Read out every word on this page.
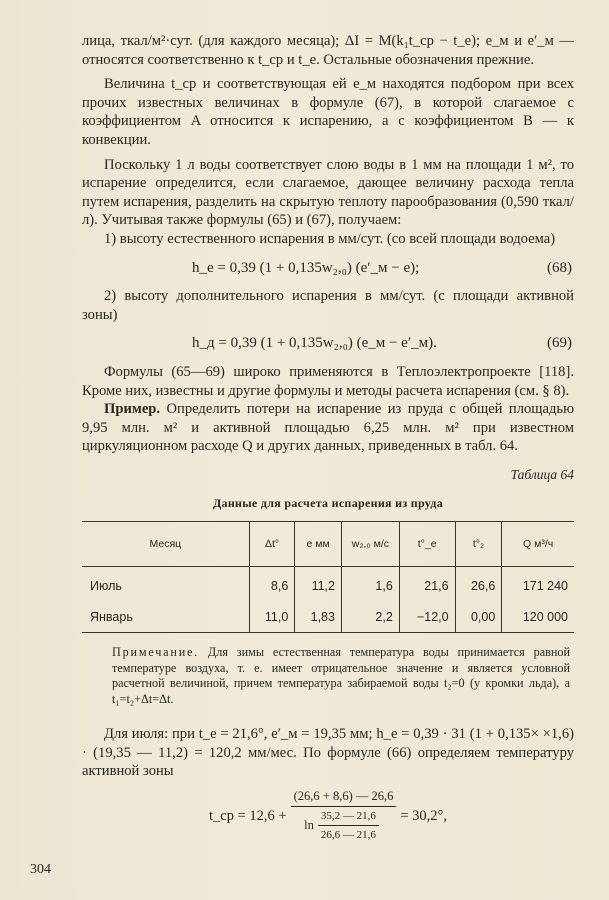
лица, ткал/м²·сут. (для каждого месяца); ΔI = M(k₁t_ср − t_e); e_м и e′_м — относятся соответственно к t_ср и t_e. Остальные обозначения прежние.

Величина t_ср и соответствующая ей e_м находятся подбором при всех прочих известных величинах в формуле (67), в которой слагаемое с коэффициентом A относится к испарению, а с коэффициентом B — к конвекции.

Поскольку 1 л воды соответствует слою воды в 1 мм на площади 1 м², то испарение определится, если слагаемое, дающее величину расхода тепла путем испарения, разделить на скрытую теплоту парообразования (0,590 ткал/л). Учитывая также формулы (65) и (67), получаем:

1) высоту естественного испарения в мм/сут. (со всей площади водоема)

h_e = 0,39 (1 + 0,135w₂,₀) (e′_м − e);	(68)

2) высоту дополнительного испарения в мм/сут. (с площади активной зоны)

h_д = 0,39 (1 + 0,135w₂,₀) (e_м − e′_м).	(69)

Формулы (65—69) широко применяются в Теплоэлектропроекте [118]. Кроме них, известны и другие формулы и методы расчета испарения (см. § 8).

Пример. Определить потери на испарение из пруда с общей площадью 9,95 млн. м² и активной площадью 6,25 млн. м² при известном циркуляционном расходе Q и других данных, приведенных в табл. 64.

Таблица 64
Данные для расчета испарения из пруда
Месяц	Δt°	e мм	w₂,₀ м/с	t°_e	t°₂	Q м³/ч
Июль	8,6	11,2	1,6	21,6	26,6	171 240
Январь	11,0	1,83	2,2	−12,0	0,00	120 000

Примечание. Для зимы естественная температура воды принимается равной температуре воздуха, т. е. имеет отрицательное значение и является условной расчетной величиной, причем температура забираемой воды t₂=0 (у кромки льда), а t₁=t₂+Δt=Δt.

Для июля: при t_e = 21,6°, e′_м = 19,35 мм; h_e = 0,39 · 31 (1 + 0,135× ×1,6) · (19,35 — 11,2) = 120,2 мм/мес. По формуле (66) определяем температуру активной зоны

t_ср = 12,6 +
(26,6 + 8,6) — 26,6
$\ln \frac{35,2 — 21,6}{26,6 — 21,6} = 30,2^\circ$,
304
